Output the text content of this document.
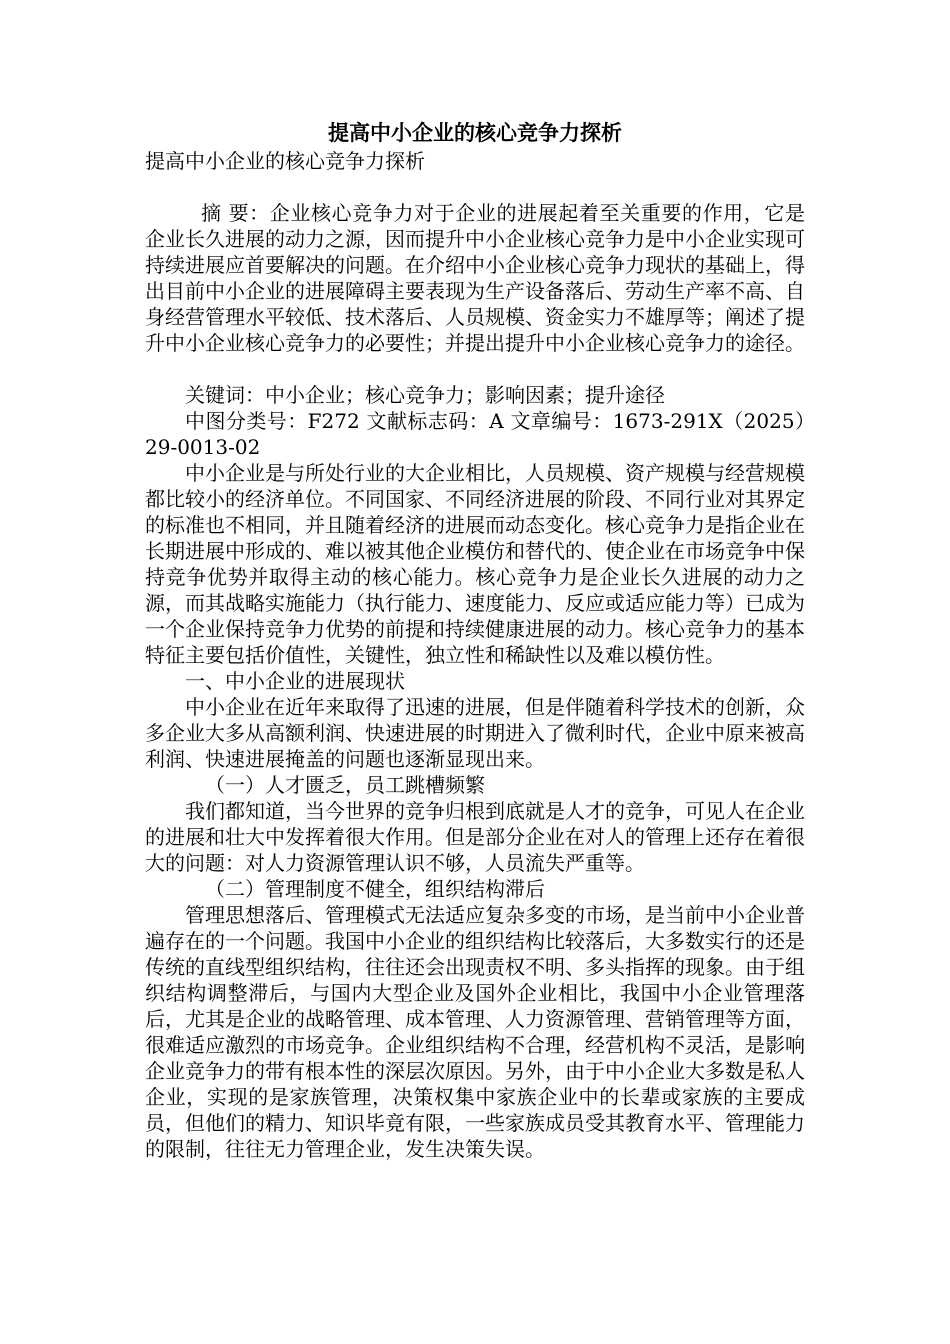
提高中小企业的核心竞争力探析

提高中小企业的核心竞争力探析

摘 要：企业核心竞争力对于企业的进展起着至关重要的作用，它是企业长久进展的动力之源，因而提升中小企业核心竞争力是中小企业实现可持续进展应首要解决的问题。在介绍中小企业核心竞争力现状的基础上，得出目前中小企业的进展障碍主要表现为生产设备落后、劳动生产率不高、自身经营管理水平较低、技术落后、人员规模、资金实力不雄厚等；阐述了提升中小企业核心竞争力的必要性；并提出提升中小企业核心竞争力的途径。

关键词：中小企业；核心竞争力；影响因素；提升途径

中图分类号：F272 文献标志码：A 文章编号：1673-291X（2025）29-0013-02

中小企业是与所处行业的大企业相比，人员规模、资产规模与经营规模都比较小的经济单位。不同国家、不同经济进展的阶段、不同行业对其界定的标准也不相同，并且随着经济的进展而动态变化。核心竞争力是指企业在长期进展中形成的、难以被其他企业模仿和替代的、使企业在市场竞争中保持竞争优势并取得主动的核心能力。核心竞争力是企业长久进展的动力之源，而其战略实施能力（执行能力、速度能力、反应或适应能力等）已成为一个企业保持竞争力优势的前提和持续健康进展的动力。核心竞争力的基本特征主要包括价值性，关键性，独立性和稀缺性以及难以模仿性。

一、中小企业的进展现状

中小企业在近年来取得了迅速的进展，但是伴随着科学技术的创新，众多企业大多从高额利润、快速进展的时期进入了微利时代，企业中原来被高利润、快速进展掩盖的问题也逐渐显现出来。

（一）人才匮乏，员工跳槽频繁

我们都知道，当今世界的竞争归根到底就是人才的竞争，可见人在企业的进展和壮大中发挥着很大作用。但是部分企业在对人的管理上还存在着很大的问题：对人力资源管理认识不够，人员流失严重等。

（二）管理制度不健全，组织结构滞后

管理思想落后、管理模式无法适应复杂多变的市场，是当前中小企业普遍存在的一个问题。我国中小企业的组织结构比较落后，大多数实行的还是传统的直线型组织结构，往往还会出现责权不明、多头指挥的现象。由于组织结构调整滞后，与国内大型企业及国外企业相比，我国中小企业管理落后，尤其是企业的战略管理、成本管理、人力资源管理、营销管理等方面，很难适应激烈的市场竞争。企业组织结构不合理，经营机构不灵活，是影响企业竞争力的带有根本性的深层次原因。另外，由于中小企业大多数是私人企业，实现的是家族管理，决策权集中家族企业中的长辈或家族的主要成员，但他们的精力、知识毕竟有限，一些家族成员受其教育水平、管理能力的限制，往往无力管理企业，发生决策失误。
